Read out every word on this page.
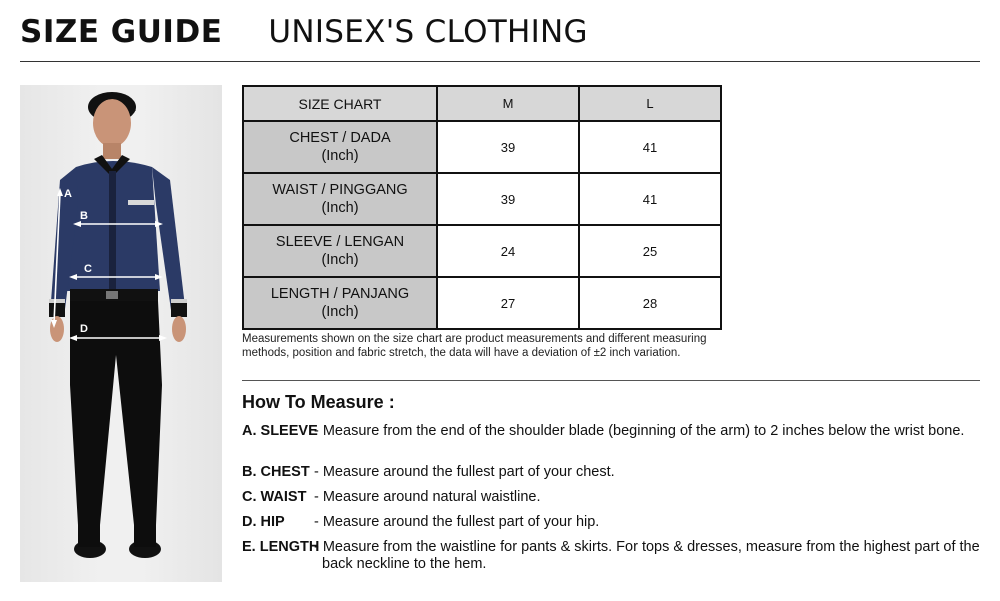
SIZE GUIDE UNISEX'S CLOTHING
A
B
C
D
SIZE CHART	M	L
CHEST / DADA
(Inch)	39	41
WAIST / PINGGANG
(Inch)	39	41
SLEEVE / LENGAN
(Inch)	24	25
LENGTH / PANJANG
(Inch)	27	28
Measurements shown on the size chart are product measurements and different measuring
methods, position and fabric stretch, the data will have a deviation of ±2 inch variation.
How To Measure :
A. SLEEVE
- Measure from the end of the shoulder blade (beginning of the arm) to 2 inches below the wrist bone.
B. CHEST - Measure around the fullest part of your chest.
C. WAIST - Measure around natural waistline.
D. HIP	- Measure around the fullest part of your hip.
E. LENGTH
- Measure from the waistline for pants & skirts. For tops & dresses, measure from the highest part of the back neckline to the hem.
